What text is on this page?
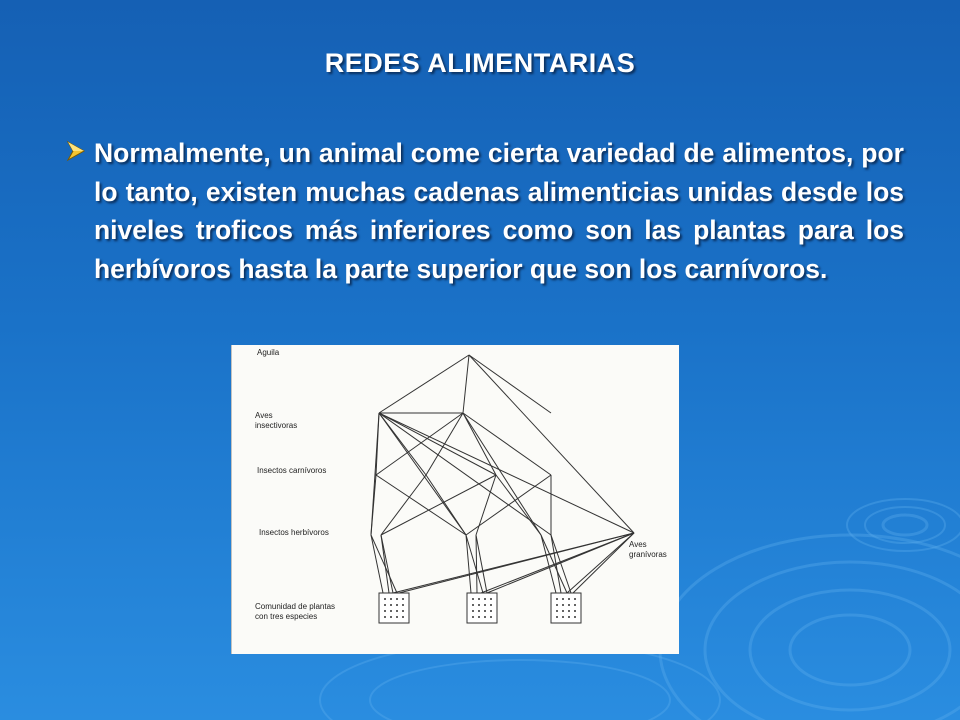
REDES ALIMENTARIAS
Normalmente, un animal come cierta variedad de alimentos, por lo tanto, existen muchas cadenas alimenticias unidas desde los niveles troficos más inferiores como son las plantas para los herbívoros hasta la parte superior que son los carnívoros.
Aguila
Aves
insectivoras
Insectos carnívoros
Insectos herbívoros
Aves
granívoras
Comunidad de plantas
con tres especies
